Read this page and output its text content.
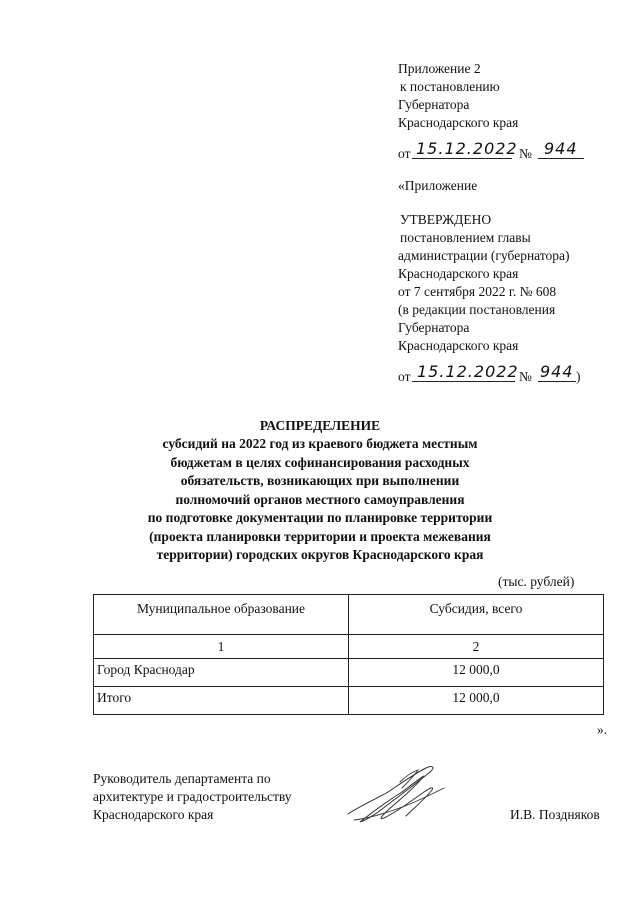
Приложение 2
к постановлению
Губернатора
Краснодарского края
от 15.12.2022 № 944
«Приложение
УТВЕРЖДЕНО
постановлением главы
администрации (губернатора)
Краснодарского края
от 7 сентября 2022 г. № 608
(в редакции постановления
Губернатора
Краснодарского края
от 15.12.2022 № 944 )
РАСПРЕДЕЛЕНИЕ
субсидий на 2022 год из краевого бюджета местным
бюджетам в целях софинансирования расходных
обязательств, возникающих при выполнении
полномочий органов местного самоуправления
по подготовке документации по планировке территории
(проекта планировки территории и проекта межевания
территории) городских округов Краснодарского края
(тыс. рублей)
Муниципальное образование	Субсидия, всего
1	2
Город Краснодар	12 000,0
Итого	12 000,0
».
Руководитель департамента по
архитектуре и градостроительству
Краснодарского края	И.В. Поздняков
